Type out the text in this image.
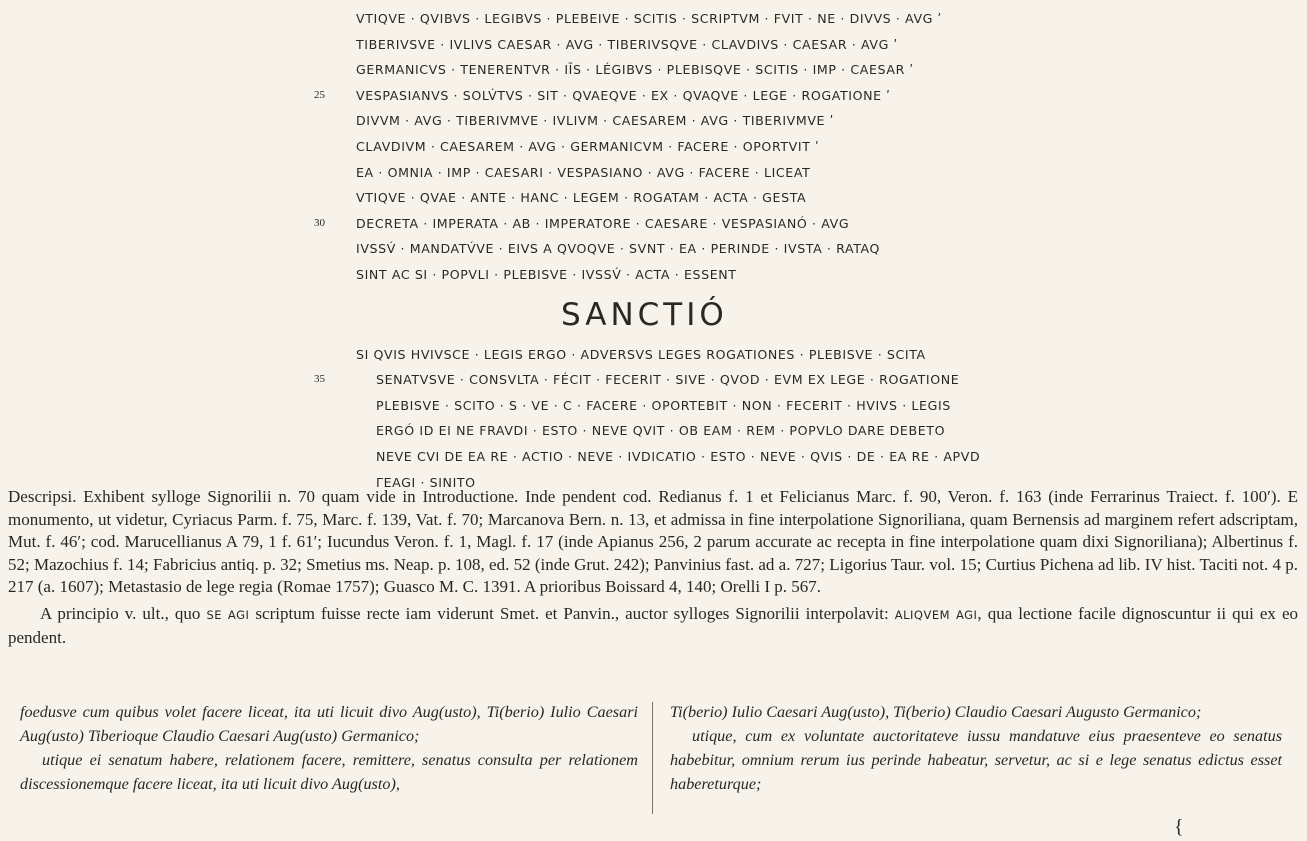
VTIQVE · QVIBVS · LEGIBVS · PLEBEIVE · SCITIS · SCRIPTVM · FVIT · NE · DIVVS · AVG ʹ
TIBERIVSVE · IVLIVS CAESAR · AVG · TIBERIVSQVE · CLAVDIVS · CAESAR · AVG ʹ
GERMANICVS · TENERENTVR · IĪS · LÉGIBVS · PLEBISQVE · SCITIS · IMP · CAESAR ʹ
25 VESPASIANVS · SOLV́TVS · SIT · QVAEQVE · EX · QVAQVE · LEGE · ROGATIONE ʹ
DIVVM · AVG · TIBERIVMVE · IVLIVM · CAESAREM · AVG · TIBERIVMVE ʹ
CLAVDIVM · CAESAREM · AVG · GERMANICVM · FACERE · OPORTVIT ʹ
EA · OMNIA · IMP · CAESARI · VESPASIANO · AVG · FACERE · LICEAT
VTIQVE · QVAE · ANTE · HANC · LEGEM · ROGATAM · ACTA · GESTA
30 DECRETA · IMPERATA · AB · IMPERATORE · CAESARE · VESPASIANÓ · AVG
IVSSV́ · MANDATV́VE · EIVS A QVOQVE · SVNT · EA · PERINDE · IVSTA · RATAQ
SINT AC SI · POPVLI · PLEBISVE · IVSSV́ · ACTA · ESSENT
SANCTIÓ
SI QVIS HVIVSCE · LEGIS ERGO · ADVERSVS LEGES ROGATIONES · PLEBISVE · SCITA
35	SENATVSVE · CONSVLTA · FÉCIT · FECERIT · SIVE · QVOD · EVM EX LEGE · ROGATIONE
PLEBISVE · SCITO · S · VE · C · FACERE · OPORTEBIT · NON · FECERIT · HVIVS · LEGIS
ERGÓ ID EI NE FRAVDI · ESTO · NEVE QVIT · OB EAM · REM · POPVLO DARE DEBETO
NEVE CVI DE EA RE · ACTIO · NEVE · IVDICATIO · ESTO · NEVE · QVIS · DE · EA RE · APVD
ΓEAGI · SINITO

Descripsi. Exhibent sylloge Signorilii n. 70 quam vide in Introductione. Inde pendent cod. Redianus f. 1 et Felicianus Marc. f. 90, Veron. f. 163 (inde Ferrarinus Traiect. f. 100ʹ). E monumento, ut videtur, Cyriacus Parm. f. 75, Marc. f. 139, Vat. f. 70; Marcanova Bern. n. 13, et admissa in fine interpolatione Signoriliana, quam Bernensis ad marginem refert adscriptam, Mut. f. 46ʹ; cod. Marucellianus A 79, 1 f. 61ʹ; Iucundus Veron. f. 1, Magl. f. 17 (inde Apianus 256, 2 parum accurate ac recepta in fine interpolatione quam dixi Signoriliana); Albertinus f. 52; Mazochius f. 14; Fabricius antiq. p. 32; Smetius ms. Neap. p. 108, ed. 52 (inde Grut. 242); Panvinius fast. ad a. 727; Ligorius Taur. vol. 15; Curtius Pichena ad lib. IV hist. Taciti not. 4 p. 217 (a. 1607); Metastasio de lege regia (Romae 1757); Guasco M. C. 1391. A prioribus Boissard 4, 140; Orelli I p. 567.

A principio v. ult., quo SE AGI scriptum fuisse recte iam viderunt Smet. et Panvin., auctor sylloges Signorilii interpolavit: ALIQVEM AGI, qua lectione facile dignoscuntur ii qui ex eo pendent.

foedusve cum quibus volet facere liceat, ita uti licuit divo Aug(usto), Ti(berio) Iulio Caesari Aug(usto) Tiberioque Claudio Caesari Aug(usto) Germanico;

utique ei senatum habere, relationem facere, remittere, senatus consulta per relationem discessionemque facere liceat, ita uti licuit divo Aug(usto),

Ti(berio) Iulio Caesari Aug(usto), Ti(berio) Claudio Caesari Augusto Germanico;

utique, cum ex voluntate auctoritateve iussu mandatuve eius praesenteve eo senatus habebitur, omnium rerum ius perinde habeatur, servetur, ac si e lege senatus edictus esset habereturque;

{
